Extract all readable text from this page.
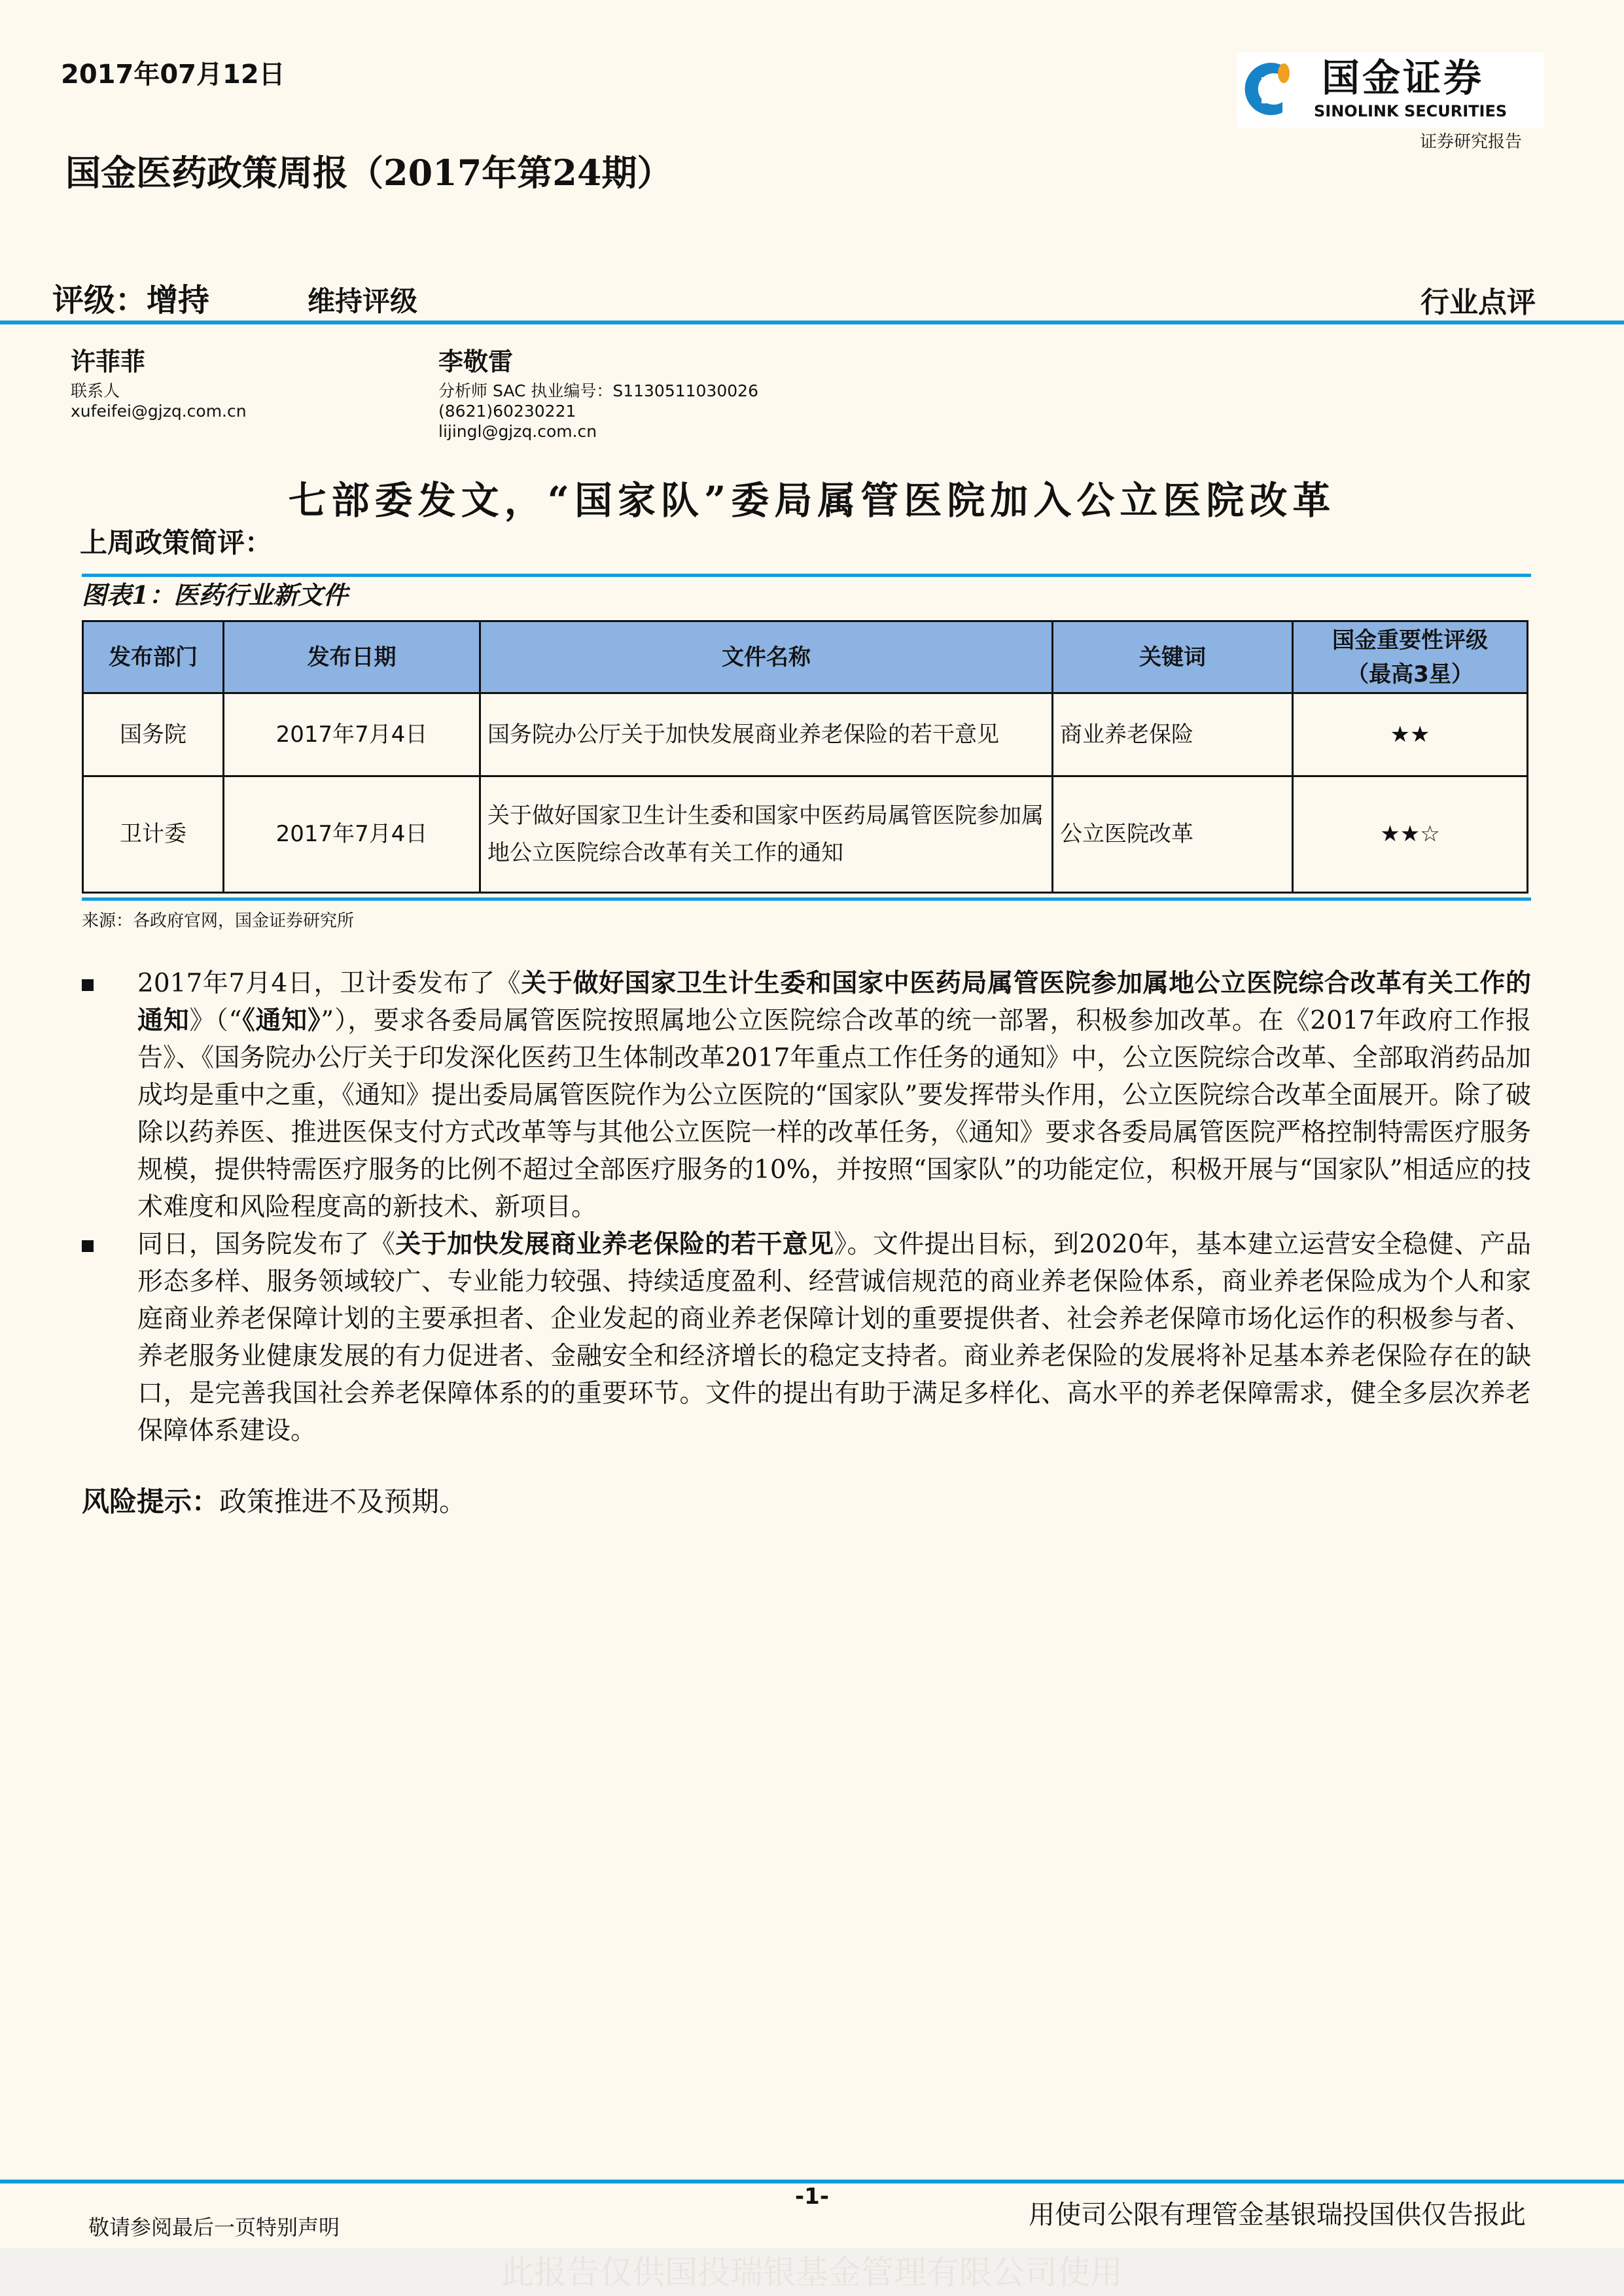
2017年07月12日	国金证券
SINOLINK SECURITIES
证券研究报告
国金医药政策周报（2017年第24期）
评级：增持	维持评级	行业点评
许菲菲
联系人
xufeifei@gjzq.com.cn
李敬雷
分析师 SAC 执业编号：S1130511030026
(8621)60230221
lijingl@gjzq.com.cn
七部委发文，“国家队”委局属管医院加入公立医院改革
上周政策简评：
图表1：医药行业新文件
发布部门	发布日期	文件名称	关键词	国金重要性评级
（最高3星）

国务院	2017年7月4日	国务院办公厅关于加快发展商业养老保险的若干意见	商业养老保险	★★
卫计委	2017年7月4日	关于做好国家卫生计生委和国家中医药局属管医院参加属地公立医院综合改革有关工作的通知	公立医院改革	★★☆
来源：各政府官网，国金证券研究所
2017年7月4日，卫计委发布了《关于做好国家卫生计生委和国家中医药局属管医院参加属地公立医院综合改革有关工作的通知》（“《通知》”），要求各委局属管医院按照属地公立医院综合改革的统一部署，积极参加改革。在《2017年政府工作报告》、《国务院办公厅关于印发深化医药卫生体制改革2017年重点工作任务的通知》中，公立医院综合改革、全部取消药品加成均是重中之重，《通知》提出委局属管医院作为公立医院的“国家队”要发挥带头作用，公立医院综合改革全面展开。除了破除以药养医、推进医保支付方式改革等与其他公立医院一样的改革任务，《通知》要求各委局属管医院严格控制特需医疗服务规模，提供特需医疗服务的比例不超过全部医疗服务的10%，并按照“国家队”的功能定位，积极开展与“国家队”相适应的技术难度和风险程度高的新技术、新项目。
同日，国务院发布了《关于加快发展商业养老保险的若干意见》。文件提出目标，到2020年，基本建立运营安全稳健、产品形态多样、服务领域较广、专业能力较强、持续适度盈利、经营诚信规范的商业养老保险体系，商业养老保险成为个人和家庭商业养老保障计划的主要承担者、企业发起的商业养老保障计划的重要提供者、社会养老保障市场化运作的积极参与者、养老服务业健康发展的有力促进者、金融安全和经济增长的稳定支持者。商业养老保险的发展将补足基本养老保险存在的缺口，是完善我国社会养老保障体系的的重要环节。文件的提出有助于满足多样化、高水平的养老保障需求，健全多层次养老保障体系建设。
风险提示：政策推进不及预期。
-1-
敬请参阅最后一页特别声明	用使司公限有理管金基银瑞投国供仅告报此
此报告仅供国投瑞银基金管理有限公司使用
